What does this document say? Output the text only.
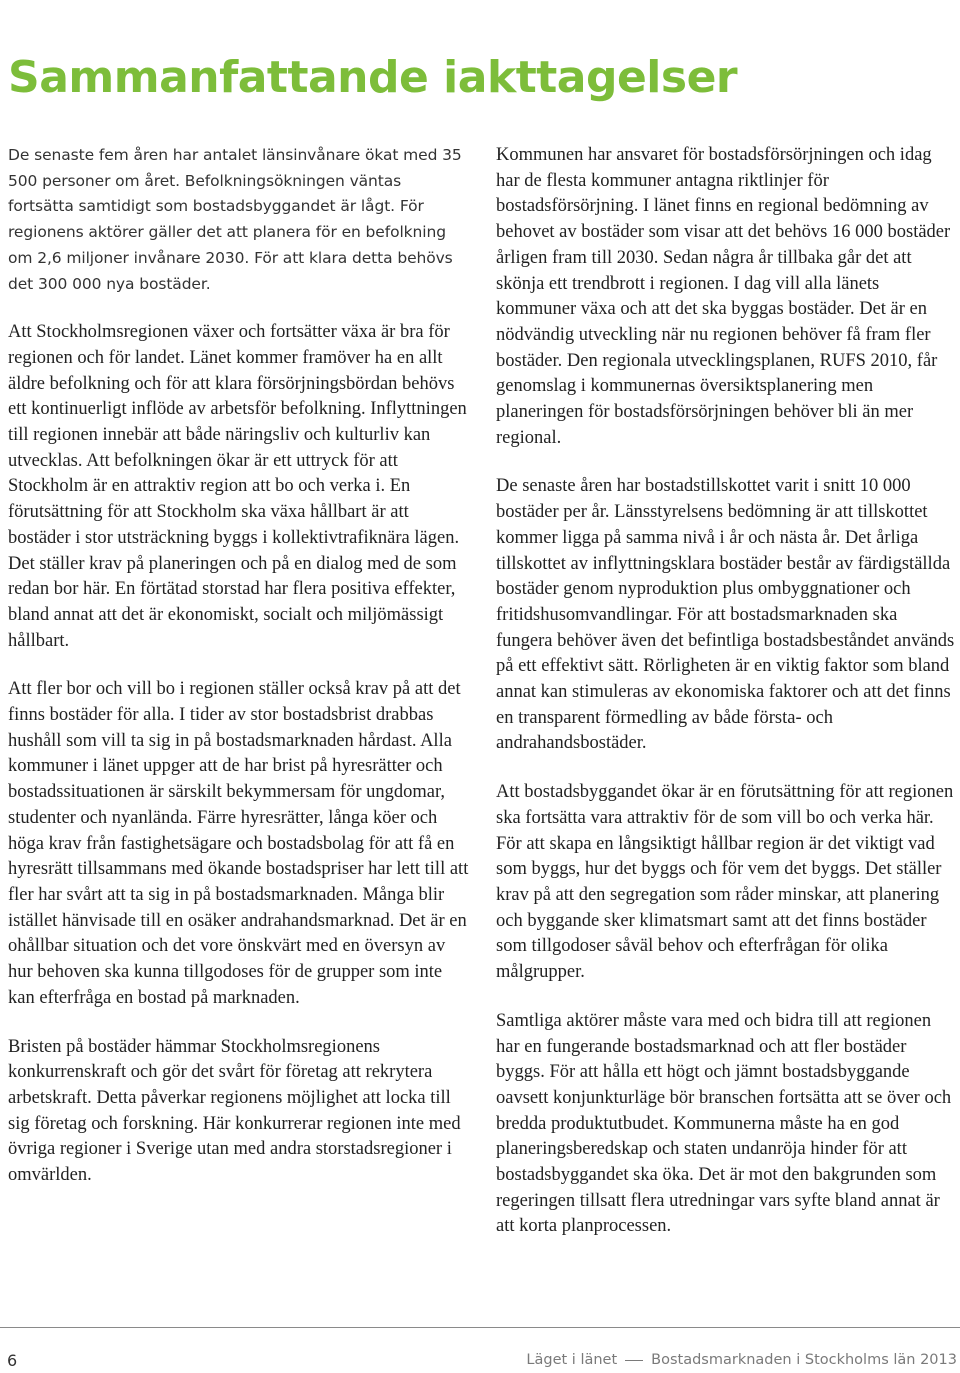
Sammanfattande iakttagelser

De senaste fem åren har antalet länsinvånare ökat med 35 500 personer om året. Befolkningsökningen väntas fortsätta samtidigt som bostadsbyggandet är lågt. För regionens aktörer gäller det att planera för en befolkning om 2,6 miljoner invånare 2030. För att klara detta behövs det 300 000 nya bostäder.

Att Stockholmsregionen växer och fortsätter växa är bra för regionen och för landet. Länet kommer framöver ha en allt äldre befolkning och för att klara försörjningsbördan behövs ett kontinuerligt inflöde av arbetsför befolkning. Inflyttningen till regionen innebär att både näringsliv och kulturliv kan utvecklas. Att befolkningen ökar är ett uttryck för att Stockholm är en attraktiv region att bo och verka i. En förutsättning för att Stockholm ska växa hållbart är att bostäder i stor utsträckning byggs i kollektivtrafiknära lägen. Det ställer krav på planeringen och på en dialog med de som redan bor här. En förtätad storstad har flera positiva effekter, bland annat att det är ekonomiskt, socialt och miljömässigt hållbart.

Att fler bor och vill bo i regionen ställer också krav på att det finns bostäder för alla. I tider av stor bostadsbrist drabbas hushåll som vill ta sig in på bostadsmarknaden hårdast. Alla kommuner i länet uppger att de har brist på hyresrätter och bostadssituationen är särskilt bekymmersam för ungdomar, studenter och nyanlända. Färre hyresrätter, långa köer och höga krav från fastighetsägare och bostadsbolag för att få en hyresrätt tillsammans med ökande bostadspriser har lett till att fler har svårt att ta sig in på bostadsmarknaden. Många blir istället hänvisade till en osäker andrahandsmarknad. Det är en ohållbar situation och det vore önskvärt med en översyn av hur behoven ska kunna tillgodoses för de grupper som inte kan efterfråga en bostad på marknaden.

Bristen på bostäder hämmar Stockholmsregionens konkurrenskraft och gör det svårt för företag att rekrytera arbetskraft. Detta påverkar regionens möjlighet att locka till sig företag och forskning. Här konkurrerar regionen inte med övriga regioner i Sverige utan med andra storstadsregioner i omvärlden.

Kommunen har ansvaret för bostadsförsörjningen och idag har de flesta kommuner antagna riktlinjer för bostadsförsörjning. I länet finns en regional bedömning av behovet av bostäder som visar att det behövs 16 000 bostäder årligen fram till 2030. Sedan några år tillbaka går det att skönja ett trendbrott i regionen. I dag vill alla länets kommuner växa och att det ska byggas bostäder. Det är en nödvändig utveckling när nu regionen behöver få fram fler bostäder. Den regionala utvecklingsplanen, RUFS 2010, får genomslag i kommunernas översiktsplanering men planeringen för bostadsförsörjningen behöver bli än mer regional.

De senaste åren har bostadstillskottet varit i snitt 10 000 bostäder per år. Länsstyrelsens bedömning är att tillskottet kommer ligga på samma nivå i år och nästa år. Det årliga tillskottet av inflyttningsklara bostäder består av färdigställda bostäder genom nyproduktion plus ombyggnationer och fritidshusomvandlingar. För att bostadsmarknaden ska fungera behöver även det befintliga bostadsbeståndet används på ett effektivt sätt. Rörligheten är en viktig faktor som bland annat kan stimuleras av ekonomiska faktorer och att det finns en transparent förmedling av både första- och andrahandsbostäder.

Att bostadsbyggandet ökar är en förutsättning för att regionen ska fortsätta vara attraktiv för de som vill bo och verka här. För att skapa en långsiktigt hållbar region är det viktigt vad som byggs, hur det byggs och för vem det byggs. Det ställer krav på att den segregation som råder minskar, att planering och byggande sker klimatsmart samt att det finns bostäder som tillgodoser såväl behov och efterfrågan för olika målgrupper.

Samtliga aktörer måste vara med och bidra till att regionen har en fungerande bostadsmarknad och att fler bostäder byggs. För att hålla ett högt och jämnt bostadsbyggande oavsett konjunkturläge bör branschen fortsätta att se över och bredda produktutbudet. Kommunerna måste ha en god planeringsberedskap och staten undanröja hinder för att bostadsbyggandet ska öka. Det är mot den bakgrunden som regeringen tillsatt flera utredningar vars syfte bland annat är att korta planprocessen.

6	Läget i länet Bostadsmarknaden i Stockholms län 2013
